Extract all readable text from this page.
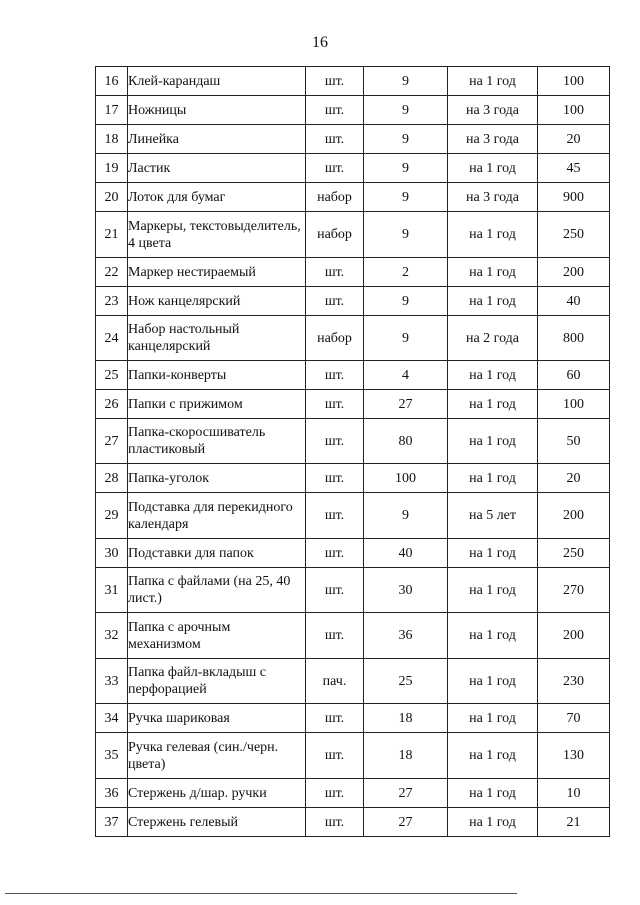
16
16	Клей-карандаш	шт.	9	на 1 год	100
17	Ножницы	шт.	9	на 3 года	100
18	Линейка	шт.	9	на 3 года	20
19	Ластик	шт.	9	на 1 год	45
20	Лоток для бумаг	набор	9	на 3 года	900
21	Маркеры, текстовыделитель, 4 цвета	набор	9	на 1 год	250
22	Маркер нестираемый	шт.	2	на 1 год	200
23	Нож канцелярский	шт.	9	на 1 год	40
24	Набор настольный канцелярский	набор	9	на 2 года	800
25	Папки-конверты	шт.	4	на 1 год	60
26	Папки с прижимом	шт.	27	на 1 год	100
27	Папка-скоросшиватель пластиковый	шт.	80	на 1 год	50
28	Папка-уголок	шт.	100	на 1 год	20
29	Подставка для перекидного календаря	шт.	9	на 5 лет	200
30	Подставки для папок	шт.	40	на 1 год	250
31	Папка с файлами (на 25, 40 лист.)	шт.	30	на 1 год	270
32	Папка с арочным механизмом	шт.	36	на 1 год	200
33	Папка файл-вкладыш с перфорацией	пач.	25	на 1 год	230
34	Ручка шариковая	шт.	18	на 1 год	70
35	Ручка гелевая (син./черн. цвета)	шт.	18	на 1 год	130
36	Стержень д/шар. ручки	шт.	27	на 1 год	10
37	Стержень гелевый	шт.	27	на 1 год	21
